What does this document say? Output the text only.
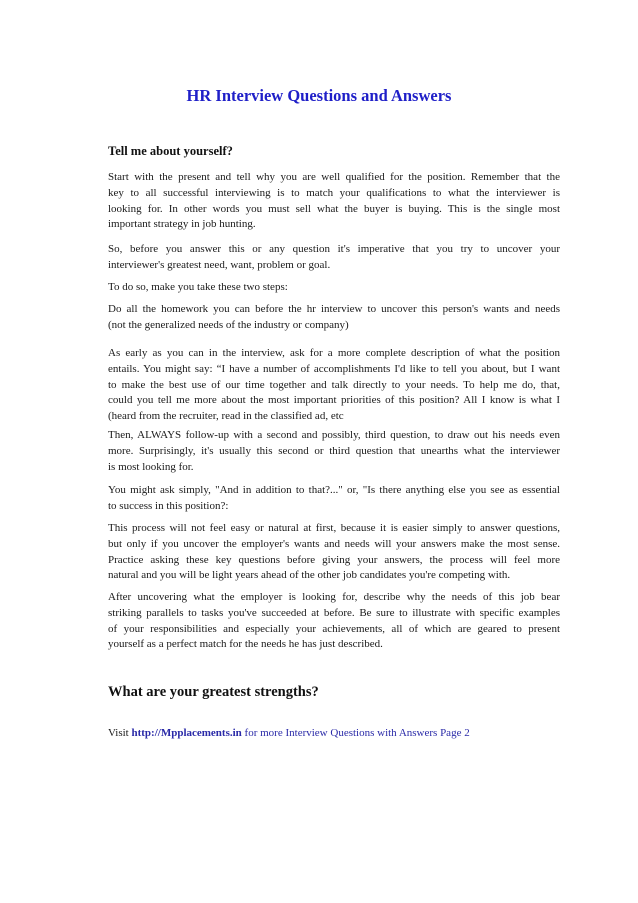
HR Interview Questions and Answers
Tell me about yourself?

Start with the present and tell why you are well qualified for the position. Remember that the
key to all successful interviewing is to match your qualifications to what the interviewer is
looking for. In other words you must sell what the buyer is buying. This is the single most
important strategy in job hunting.

So, before you answer this or any question it's imperative that you try to uncover your
interviewer's greatest need, want, problem or goal.

To do so, make you take these two steps:

Do all the homework you can before the hr interview to uncover this person's wants and needs
(not the generalized needs of the industry or company)

As early as you can in the interview, ask for a more complete description of what the position
entails. You might say: “I have a number of accomplishments I'd like to tell you about, but I want
to make the best use of our time together and talk directly to your needs. To help me do, that,
could you tell me more about the most important priorities of this position? All I know is what I
(heard from the recruiter, read in the classified ad, etc

Then, ALWAYS follow-up with a second and possibly, third question, to draw out his needs even
more. Surprisingly, it's usually this second or third question that unearths what the interviewer
is most looking for.

You might ask simply, "And in addition to that?..." or, "Is there anything else you see as essential
to success in this position?:

This process will not feel easy or natural at first, because it is easier simply to answer questions,
but only if you uncover the employer's wants and needs will your answers make the most sense.
Practice asking these key questions before giving your answers, the process will feel more
natural and you will be light years ahead of the other job candidates you're competing with.

After uncovering what the employer is looking for, describe why the needs of this job bear
striking parallels to tasks you've succeeded at before. Be sure to illustrate with specific examples
of your responsibilities and especially your achievements, all of which are geared to present
yourself as a perfect match for the needs he has just described.

What are your greatest strengths?

Visit http://Mpplacements.in for more Interview Questions with Answers Page 2
